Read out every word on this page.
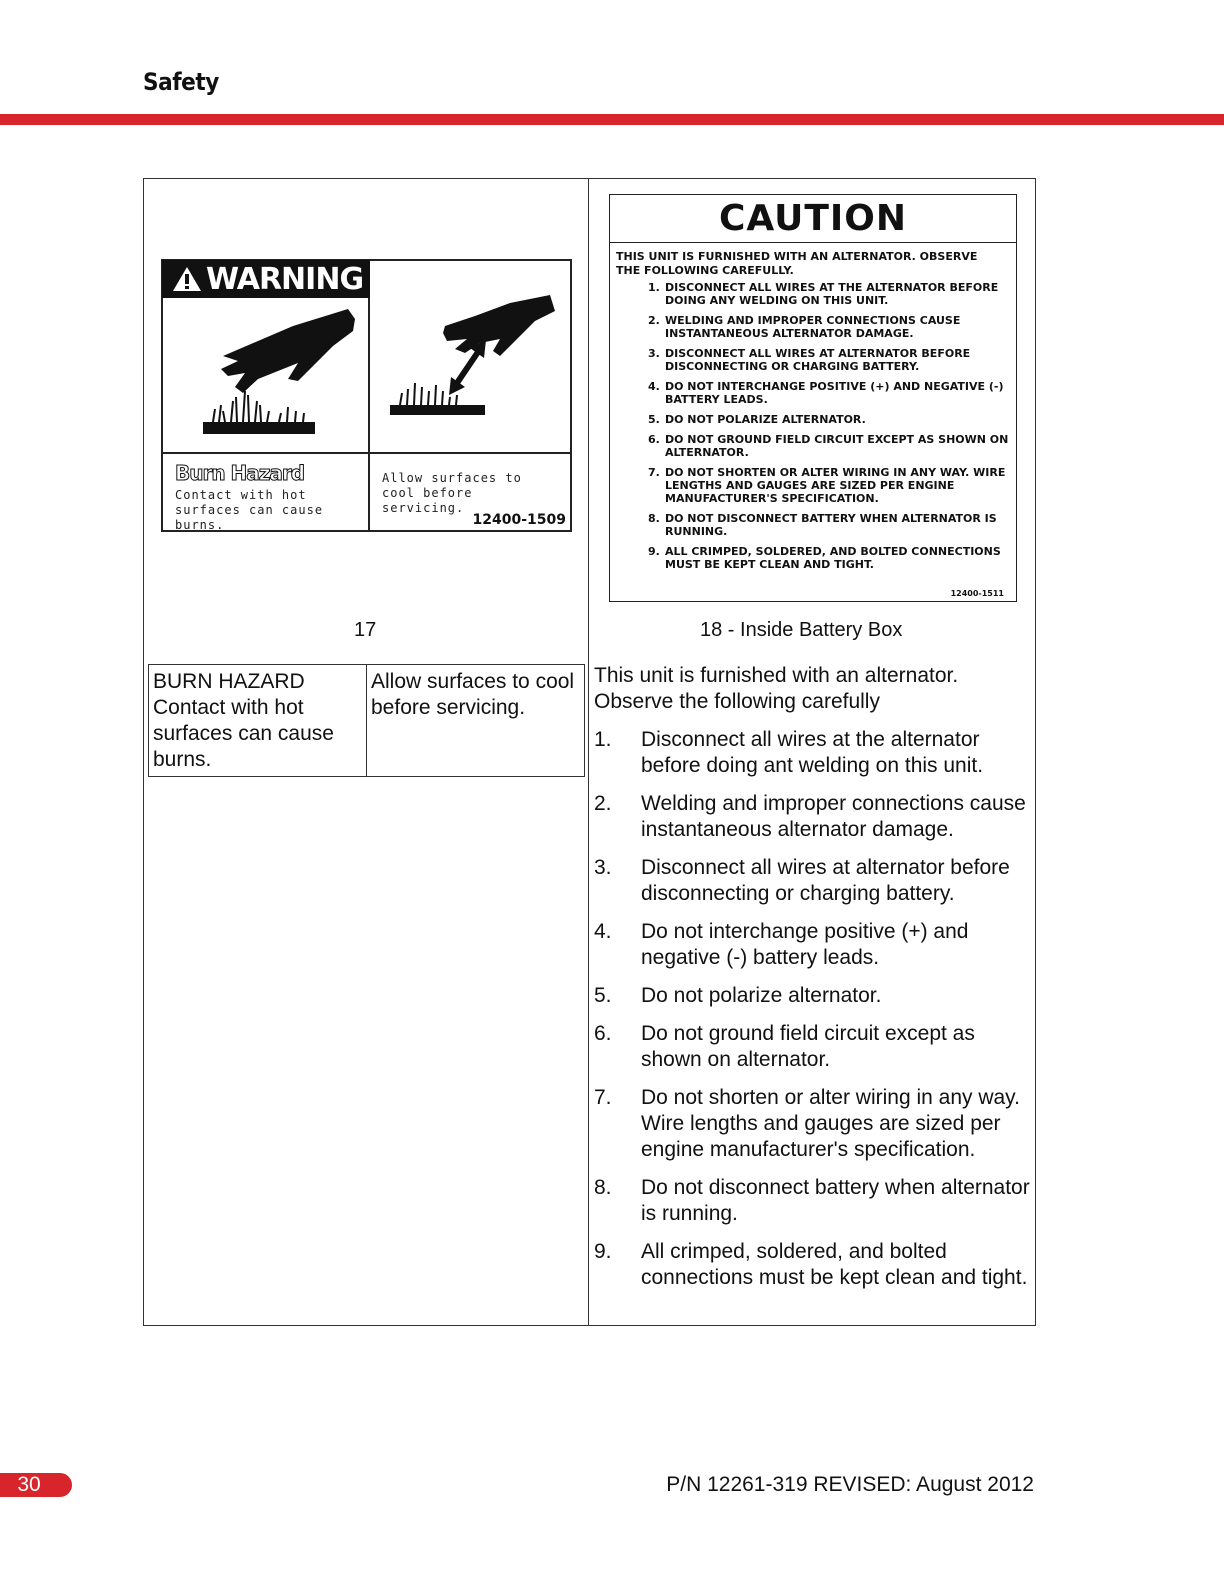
Safety
WARNING
Burn Hazard
Contact with hot surfaces can cause burns.
Allow surfaces to cool before servicing.
12400-1509
17
CAUTION
THIS UNIT IS FURNISHED WITH AN ALTERNATOR. OBSERVE THE FOLLOWING CAREFULLY.
1. DISCONNECT ALL WIRES AT THE ALTERNATOR BEFORE DOING ANY WELDING ON THIS UNIT.
2. WELDING AND IMPROPER CONNECTIONS CAUSE INSTANTANEOUS ALTERNATOR DAMAGE.
3. DISCONNECT ALL WIRES AT ALTERNATOR BEFORE DISCONNECTING OR CHARGING BATTERY.
4. DO NOT INTERCHANGE POSITIVE (+) AND NEGATIVE (-) BATTERY LEADS.
5. DO NOT POLARIZE ALTERNATOR.
6. DO NOT GROUND FIELD CIRCUIT EXCEPT AS SHOWN ON ALTERNATOR.
7. DO NOT SHORTEN OR ALTER WIRING IN ANY WAY. WIRE LENGTHS AND GAUGES ARE SIZED PER ENGINE MANUFACTURER'S SPECIFICATION.
8. DO NOT DISCONNECT BATTERY WHEN ALTERNATOR IS RUNNING.
9. ALL CRIMPED, SOLDERED, AND BOLTED CONNECTIONS MUST BE KEPT CLEAN AND TIGHT.
12400-1511
18 - Inside Battery Box
BURN HAZARD Contact with hot surfaces can cause burns.
Allow surfaces to cool before servicing.
This unit is furnished with an alternator. Observe the following carefully
1. Disconnect all wires at the alternator before doing ant welding on this unit.
2. Welding and improper connections cause instantaneous alternator damage.
3. Disconnect all wires at alternator before disconnecting or charging battery.
4. Do not interchange positive (+) and negative (-) battery leads.
5. Do not polarize alternator.
6. Do not ground field circuit except as shown on alternator.
7. Do not shorten or alter wiring in any way. Wire lengths and gauges are sized per engine manufacturer's specification.
8. Do not disconnect battery when alternator is running.
9. All crimped, soldered, and bolted connections must be kept clean and tight.
30	P/N 12261-319 REVISED: August 2012
